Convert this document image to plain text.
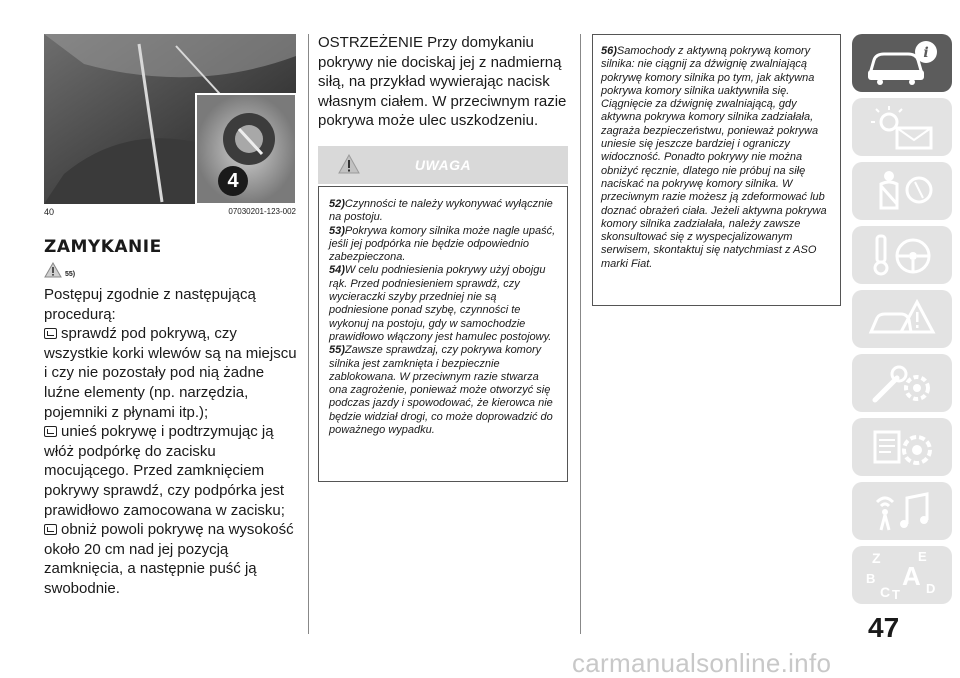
4
40	07030201-123-002
ZAMYKANIE
55)

Postępuj zgodnie z następującą procedurą:

sprawdź pod pokrywą, czy wszystkie korki wlewów są na miejscu i czy nie pozostały pod nią żadne luźne elementy (np. narzędzia, pojemniki z płynami itp.);

unieś pokrywę i podtrzymując ją włóż podpórkę do zacisku mocującego. Przed zamknięciem pokrywy sprawdź, czy podpórka jest prawidłowo zamocowana w zacisku;

obniż powoli pokrywę na wysokość około 20 cm nad jej pozycją zamknięcia, a następnie puść ją swobodnie.

OSTRZEŻENIE Przy domykaniu pokrywy nie dociskaj jej z nadmierną siłą, na przykład wywierając nacisk własnym ciałem. W przeciwnym razie pokrywa może ulec uszkodzeniu.
UWAGA

52)Czynności te należy wykonywać wyłącznie na postoju.

53)Pokrywa komory silnika może nagle upaść, jeśli jej podpórka nie będzie odpowiednio zabezpieczona.

54)W celu podniesienia pokrywy użyj obojgu rąk. Przed podniesieniem sprawdź, czy wycieraczki szyby przedniej nie są podniesione ponad szybę, czynności te wykonuj na postoju, gdy w samochodzie prawidłowo włączony jest hamulec postojowy.

55)Zawsze sprawdzaj, czy pokrywa komory silnika jest zamknięta i bezpiecznie zablokowana. W przeciwnym razie stwarza ona zagrożenie, ponieważ może otworzyć się podczas jazdy i spowodować, że kierowca nie będzie widział drogi, co może doprowadzić do poważnego wypadku.

56)Samochody z aktywną pokrywą komory silnika: nie ciągnij za dźwignię zwalniającą pokrywę komory silnika po tym, jak aktywna pokrywa komory silnika uaktywniła się. Ciągnięcie za dźwignię zwalniającą, gdy aktywna pokrywa komory silnika zadziałała, zagraża bezpieczeństwu, ponieważ pokrywa uniesie się jeszcze bardziej i ograniczy widoczność. Ponadto pokrywy nie można obniżyć ręcznie, dlatego nie próbuj na siłę naciskać na pokrywę komory silnika. W przeciwnym razie możesz ją zdeformować lub doznać obrażeń ciała. Jeżeli aktywna pokrywa komory silnika zadziałała, należy zawsze skonsultować się z wyspecjalizowanym serwisem, skontaktuj się natychmiast z ASO marki Fiat.

i
Z	E
B A
C T D
47
carmanualsonline.info
